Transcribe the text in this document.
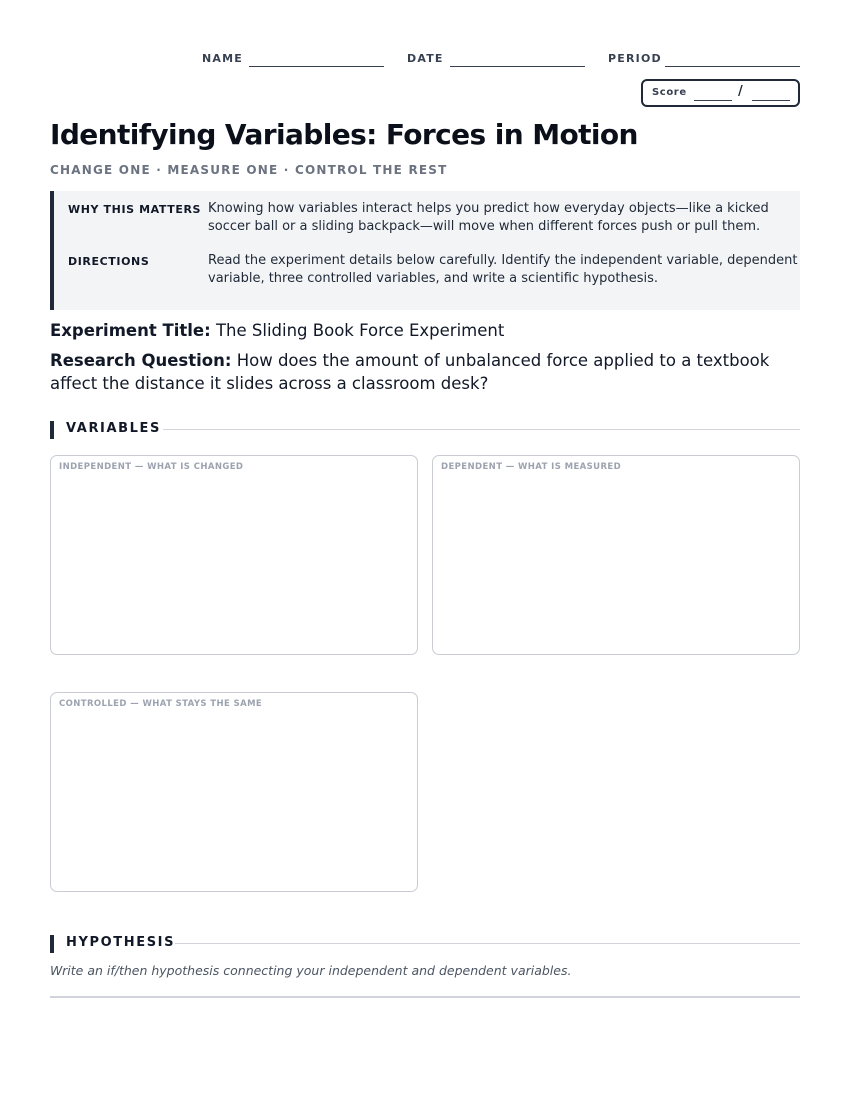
NAME	DATE	PERIOD
Score	/
Identifying Variables: Forces in Motion
CHANGE ONE · MEASURE ONE · CONTROL THE REST
WHY THIS MATTERS Knowing how variables interact helps you predict how everyday objects—like a kicked soccer ball or a sliding backpack—will move when different forces push or pull them.

DIRECTIONS	Read the experiment details below carefully. Identify the independent variable, dependent variable, three controlled variables, and write a scientific hypothesis.

Experiment Title: The Sliding Book Force Experiment
Research Question: How does the amount of unbalanced force applied to a textbook affect the distance it slides across a classroom desk?
VARIABLES
INDEPENDENT — WHAT IS CHANGED	DEPENDENT — WHAT IS MEASURED
CONTROLLED — WHAT STAYS THE SAME
HYPOTHESIS
Write an if/then hypothesis connecting your independent and dependent variables.
